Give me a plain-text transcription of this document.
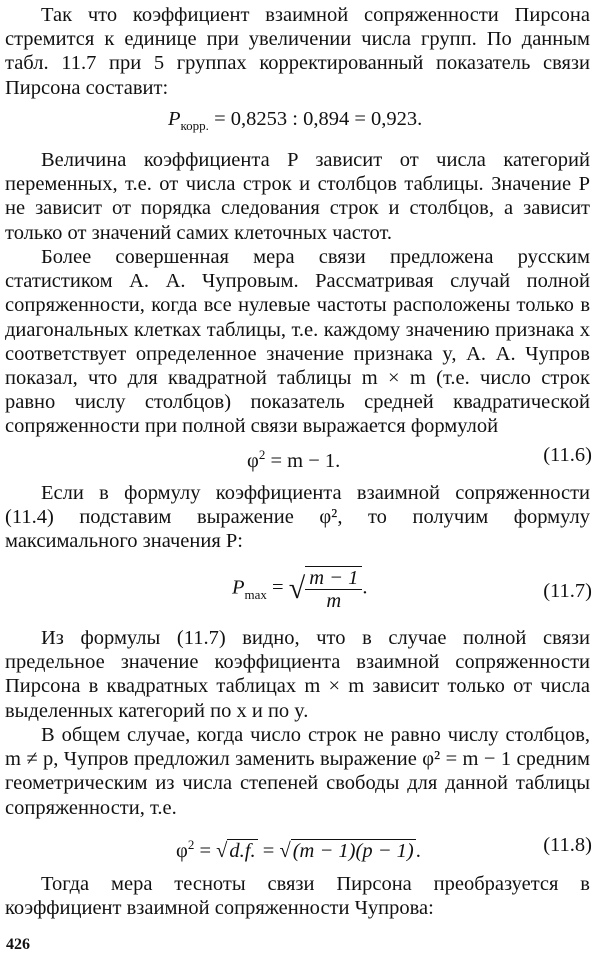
Так что коэффициент взаимной сопряженности Пирсона стремится к единице при увеличении числа групп. По данным табл. 11.7 при 5 группах корректированный показатель связи Пирсона составит:

$P_{корр.} = 0,8253$ : 0,894 = 0,923.

Величина коэффициента P зависит от числа категорий переменных, т.е. от числа строк и столбцов таблицы. Значение P не зависит от порядка следования строк и столбцов, а зависит только от значений самих клеточных частот.

Более совершенная мера связи предложена русским статистиком А. А. Чупровым. Рассматривая случай полной сопряженности, когда все нулевые частоты расположены только в диагональных клетках таблицы, т.е. каждому значению признака x соответствует определенное значение признака y, А. А. Чупров показал, что для квадратной таблицы m × m (т.е. число строк равно числу столбцов) показатель средней квадратической сопряженности при полной связи выражается формулой

$\varphi^2 = m - 1$.	(11.6)

Если в формулу коэффициента взаимной сопряженности (11.4) подставим выражение φ², то получим формулу максимального значения P:

$P_{max}$ = √ $\frac{m - 1}{m}$ .	(11.7)

Из формулы (11.7) видно, что в случае полной связи предельное значение коэффициента взаимной сопряженности Пирсона в квадратных таблицах m × m зависит только от числа выделенных категорий по x и по y.

В общем случае, когда число строк не равно числу столбцов, m ≠ p, Чупров предложил заменить выражение φ² = m − 1 средним геометрическим из числа степеней свободы для данной таблицы сопряженности, т.е.

$\varphi^2 = √d.f$. = √(m − 1)(p − 1).	(11.8)

Тогда мера тесноты связи Пирсона преобразуется в коэффициент взаимной сопряженности Чупрова:

426
